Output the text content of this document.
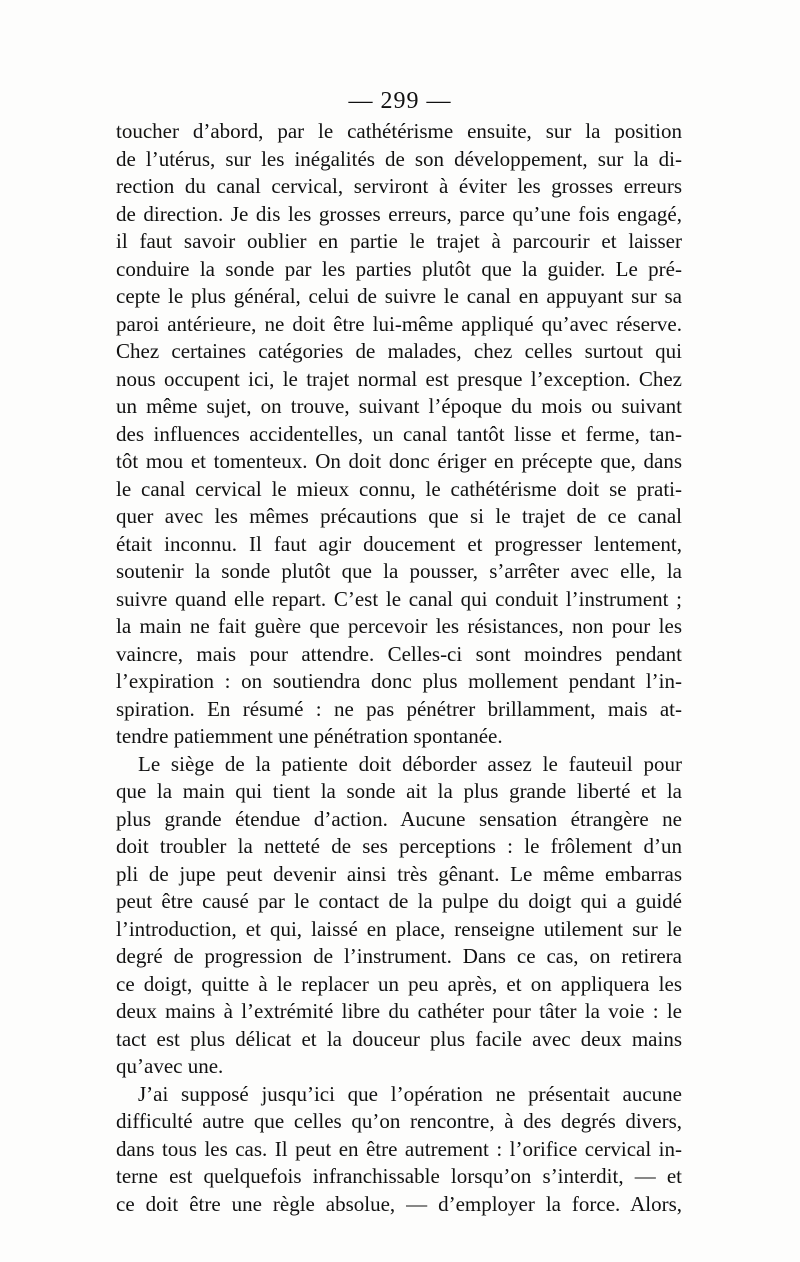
— 299 —
toucher d’abord, par le cathétérisme ensuite, sur la position
de l’utérus, sur les inégalités de son développement, sur la di-
rection du canal cervical, serviront à éviter les grosses erreurs
de direction. Je dis les grosses erreurs, parce qu’une fois engagé,
il faut savoir oublier en partie le trajet à parcourir et laisser
conduire la sonde par les parties plutôt que la guider. Le pré-
cepte le plus général, celui de suivre le canal en appuyant sur sa
paroi antérieure, ne doit être lui-même appliqué qu’avec réserve.
Chez certaines catégories de malades, chez celles surtout qui
nous occupent ici, le trajet normal est presque l’exception. Chez
un même sujet, on trouve, suivant l’époque du mois ou suivant
des influences accidentelles, un canal tantôt lisse et ferme, tan-
tôt mou et tomenteux. On doit donc ériger en précepte que, dans
le canal cervical le mieux connu, le cathétérisme doit se prati-
quer avec les mêmes précautions que si le trajet de ce canal
était inconnu. Il faut agir doucement et progresser lentement,
soutenir la sonde plutôt que la pousser, s’arrêter avec elle, la
suivre quand elle repart. C’est le canal qui conduit l’instrument ;
la main ne fait guère que percevoir les résistances, non pour les
vaincre, mais pour attendre. Celles-ci sont moindres pendant
l’expiration : on soutiendra donc plus mollement pendant l’in-
spiration. En résumé : ne pas pénétrer brillamment, mais at-
tendre patiemment une pénétration spontanée.
Le siège de la patiente doit déborder assez le fauteuil pour
que la main qui tient la sonde ait la plus grande liberté et la
plus grande étendue d’action. Aucune sensation étrangère ne
doit troubler la netteté de ses perceptions : le frôlement d’un
pli de jupe peut devenir ainsi très gênant. Le même embarras
peut être causé par le contact de la pulpe du doigt qui a guidé
l’introduction, et qui, laissé en place, renseigne utilement sur le
degré de progression de l’instrument. Dans ce cas, on retirera
ce doigt, quitte à le replacer un peu après, et on appliquera les
deux mains à l’extrémité libre du cathéter pour tâter la voie : le
tact est plus délicat et la douceur plus facile avec deux mains
qu’avec une.
J’ai supposé jusqu’ici que l’opération ne présentait aucune
difficulté autre que celles qu’on rencontre, à des degrés divers,
dans tous les cas. Il peut en être autrement : l’orifice cervical in-
terne est quelquefois infranchissable lorsqu’on s’interdit, — et
ce doit être une règle absolue, — d’employer la force. Alors,
